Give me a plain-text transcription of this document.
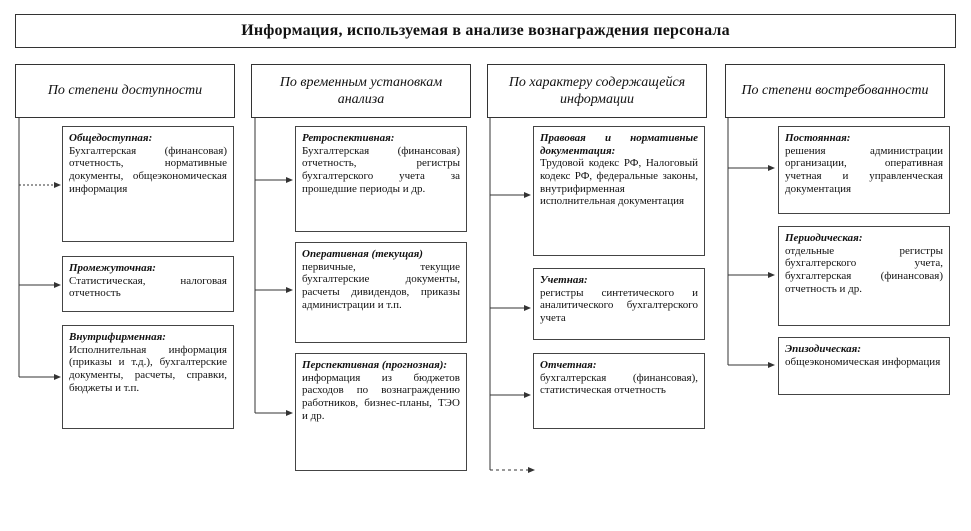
Информация, используемая в анализе вознаграждения персонала
По степени доступности
По временным установкам анализа
По характеру содержащейся информации
По степени востребованности
Общедоступная:
Бухгалтерская (финансовая) отчетность, нормативные документы, общеэкономическая информация
Промежуточная:
Статистическая, налоговая отчетность
Внутрифирменная:
Исполнительная информация (приказы и т.д.), бухгалтерские документы, расчеты, справки, бюджеты и т.п.
Ретроспективная:
Бухгалтерская (финансовая) отчетность, регистры бухгалтерского учета за прошедшие периоды и др.
Оперативная (текущая)
первичные, текущие бухгалтерские документы, расчеты дивидендов, приказы администрации и т.п.
Перспективная (прогнозная):
информация из бюджетов расходов по вознаграждению работников, бизнес-планы, ТЭО и др.
Правовая и нормативные документация:
Трудовой кодекс РФ, Налоговый кодекс РФ, федеральные законы, внутрифирменная исполнительная документация
Учетная:
регистры синтетического и аналитического бухгалтерского учета
Отчетная:
бухгалтерская (финансовая), статистическая отчетность
Постоянная:
решения администрации организации, оперативная учетная и управленческая документация
Периодическая:
отдельные регистры бухгалтерского учета, бухгалтерская (финансовая) отчетность и др.
Эпизодическая:
общеэкономическая информация
